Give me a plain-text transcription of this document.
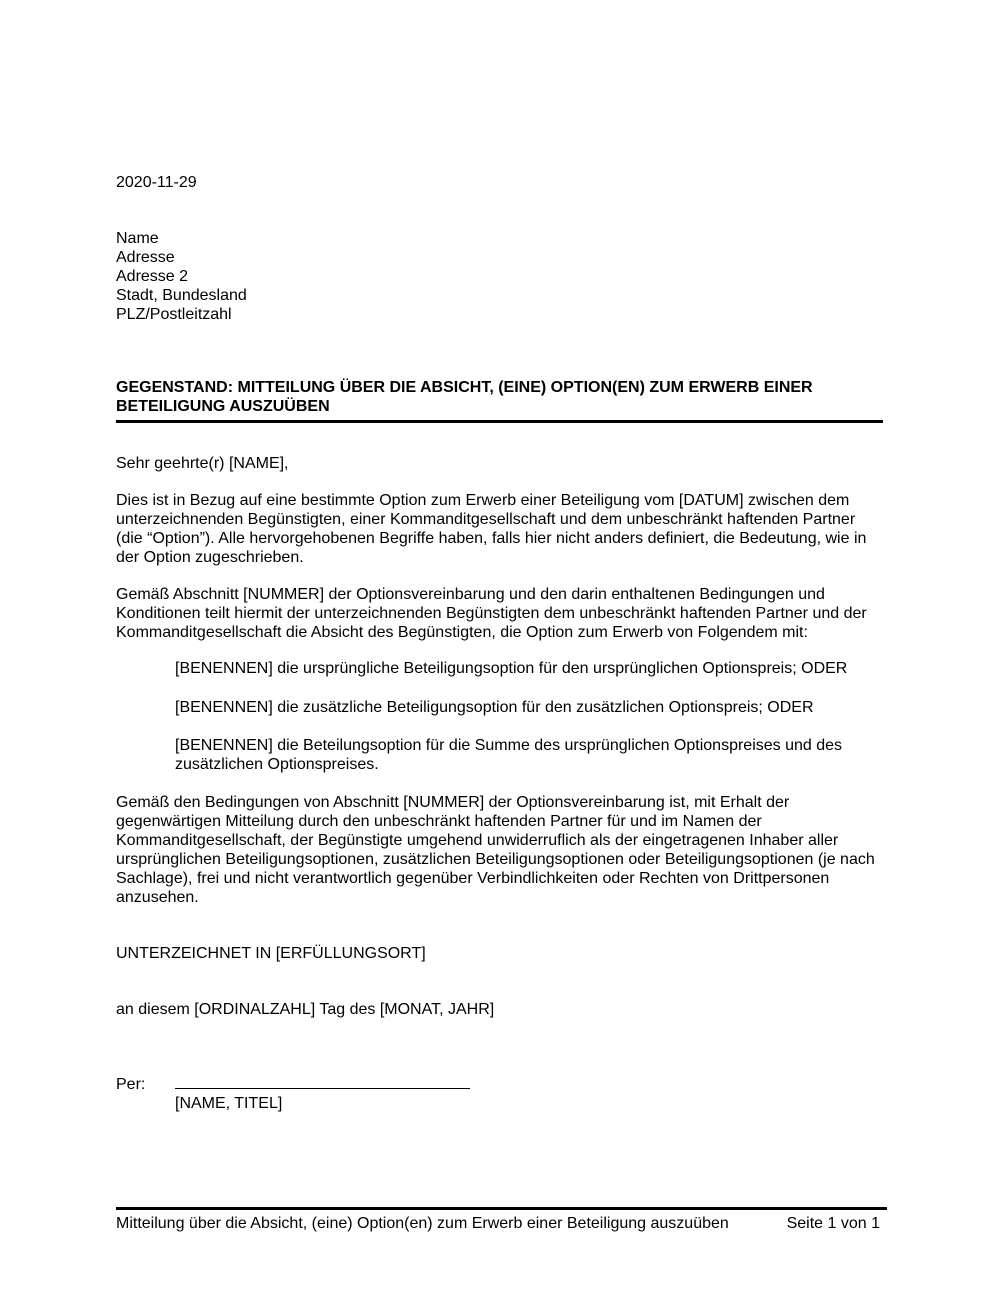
2020-11-29
Name
Adresse
Adresse 2
Stadt, Bundesland
PLZ/Postleitzahl
GEGENSTAND: MITTEILUNG ÜBER DIE ABSICHT, (EINE) OPTION(EN) ZUM ERWERB EINER BETEILIGUNG AUSZUÜBEN
Sehr geehrte(r) [NAME],
Dies ist in Bezug auf eine bestimmte Option zum Erwerb einer Beteiligung vom [DATUM] zwischen dem unterzeichnenden Begünstigten, einer Kommanditgesellschaft und dem unbeschränkt haftenden Partner (die “Option”). Alle hervorgehobenen Begriffe haben, falls hier nicht anders definiert, die Bedeutung, wie in der Option zugeschrieben.
Gemäß Abschnitt [NUMMER] der Optionsvereinbarung und den darin enthaltenen Bedingungen und Konditionen teilt hiermit der unterzeichnenden Begünstigten dem unbeschränkt haftenden Partner und der Kommanditgesellschaft die Absicht des Begünstigten, die Option zum Erwerb von Folgendem mit:
[BENENNEN] die ursprüngliche Beteiligungsoption für den ursprünglichen Optionspreis; ODER
[BENENNEN] die zusätzliche Beteiligungsoption für den zusätzlichen Optionspreis; ODER
[BENENNEN] die Beteilungsoption für die Summe des ursprünglichen Optionspreises und des zusätzlichen Optionspreises.
Gemäß den Bedingungen von Abschnitt [NUMMER] der Optionsvereinbarung ist, mit Erhalt der gegenwärtigen Mitteilung durch den unbeschränkt haftenden Partner für und im Namen der Kommanditgesellschaft, der Begünstigte umgehend unwiderruflich als der eingetragenen Inhaber aller ursprünglichen Beteiligungsoptionen, zusätzlichen Beteiligungsoptionen oder Beteiligungsoptionen (je nach Sachlage), frei und nicht verantwortlich gegenüber Verbindlichkeiten oder Rechten von Drittpersonen anzusehen.
UNTERZEICHNET IN [ERFÜLLUNGSORT]
an diesem [ORDINALZAHL] Tag des [MONAT, JAHR]
Per:
[NAME, TITEL]
Mitteilung über die Absicht, (eine) Option(en) zum Erwerb einer Beteiligung auszuüben	Seite 1 von 1
